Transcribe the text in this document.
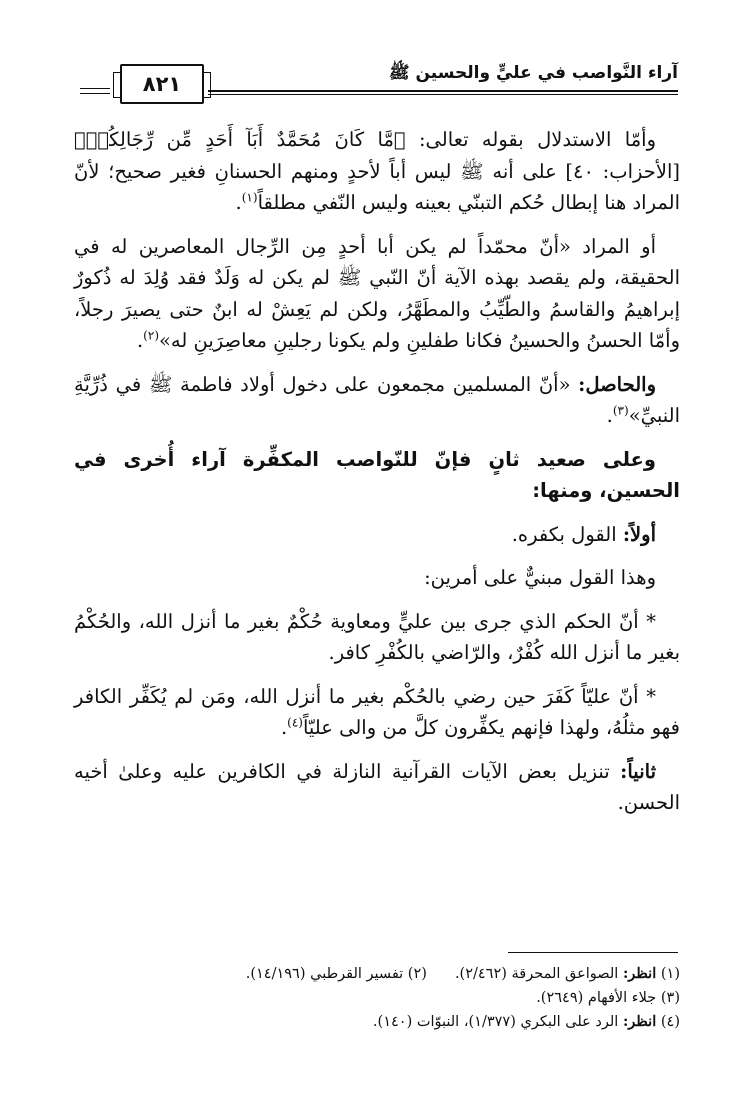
آراء النَّواصب في عليٍّ والحسين ﷺ
٨٢١

وأمّا الاستدلال بقوله تعالى: ﴿مَّا كَانَ مُحَمَّدٌ أَبَآ أَحَدٍ مِّن رِّجَالِكُمۡ﴾ [الأحزاب: ٤٠] على أنه ﷺ ليس أباً لأحدٍ ومنهم الحسنانِ فغير صحيح؛ لأنّ المراد هنا إبطال حُكم التبنّي بعينه وليس النّفي مطلقاً$^{(١)}$.

أو المراد «أنّ محمّداً لم يكن أبا أحدٍ مِن الرِّجال المعاصرين له في الحقيقة، ولم يقصد بهذه الآية أنّ النّبي ﷺ لم يكن له وَلَدٌ فقد وُلِدَ له ذُكورٌ إبراهيمُ والقاسمُ والطّيِّبُ والمطَهَّرُ، ولكن لم يَعِشْ له ابنٌ حتى يصيرَ رجلاً، وأمّا الحسنُ والحسينُ فكانا طفلينِ ولم يكونا رجلينِ معاصِرَينِ له»$^{(٢)}$.

والحاصل: «أنّ المسلمين مجمعون على دخول أولاد فاطمة ﷺ في ذُرِّيَّةِ النبيِّ»$^{(٣)}$.

وعلى صعيد ثانٍ فإنّ للنّواصب المكفِّرة آراء أُخرى في الحسين، ومنها:

أولاً: القول بكفره.

وهذا القول مبنيٌّ على أمرين:

* أنّ الحكم الذي جرى بين عليٍّ ومعاوية حُكْمٌ بغير ما أنزل الله، والحُكْمُ بغير ما أنزل الله كُفْرٌ، والرّاضي بالكُفْرِ كافر.

* أنّ عليّاً كَفَرَ حين رضي بالحُكْم بغير ما أنزل الله، ومَن لم يُكَفِّر الكافر فهو مثلُهُ، ولهذا فإنهم يكفِّرون كلَّ من والى عليّاً$^{(٤)}$.

ثانياً: تنزيل بعض الآيات القرآنية النازلة في الكافرين عليه وعلىٰ أخيه الحسن.

(١) انظر: الصواعق المحرقة (٢/٤٦٢).(٢) تفسير القرطبي (١٤/١٩٦).
(٣) جلاء الأفهام (٢٦٤٩).
(٤) انظر: الرد على البكري (١/٣٧٧)، النبوّات (١٤٠).
